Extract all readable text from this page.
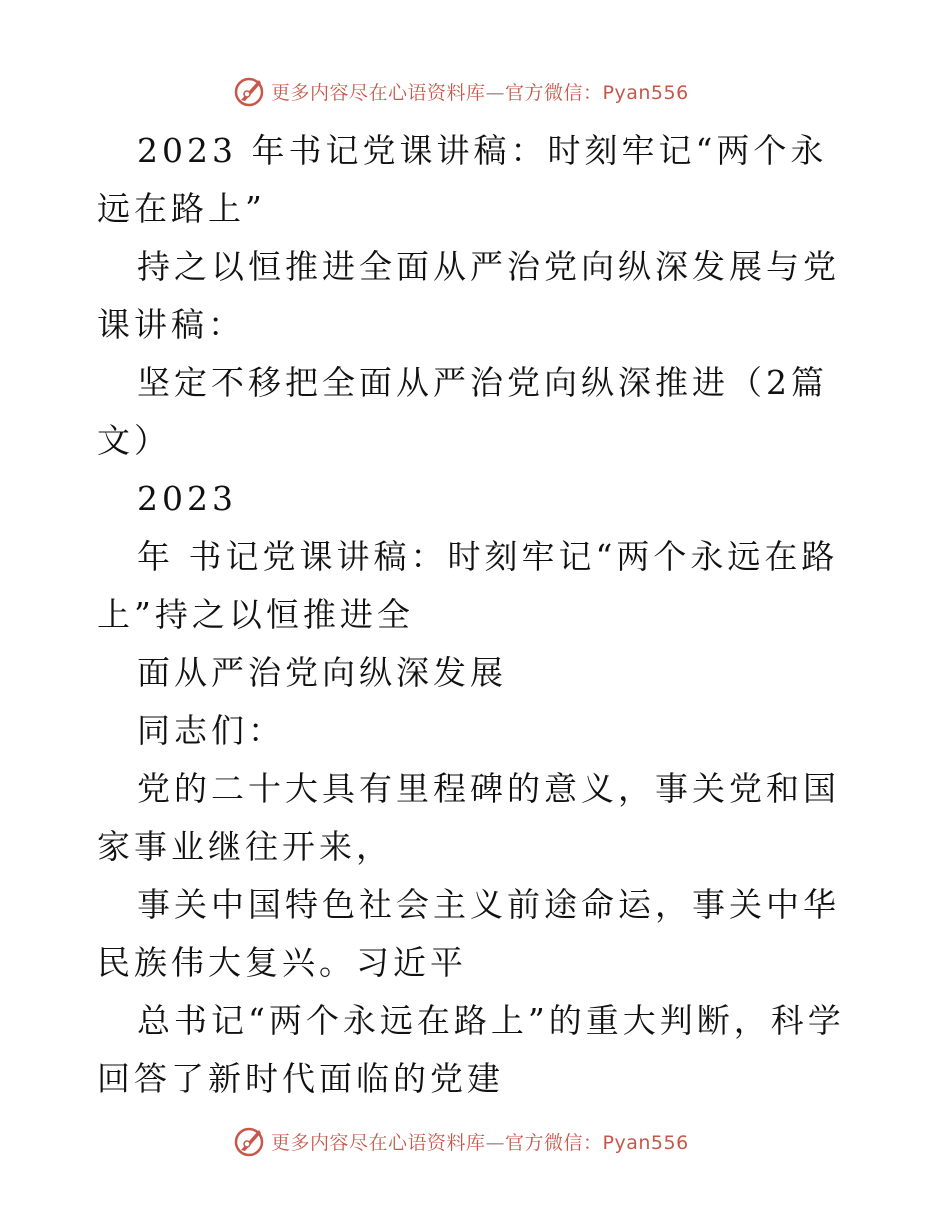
更多内容尽在心语资料库—官方微信：Pyan556

2023 年书记党课讲稿：时刻牢记“两个永远在路上”

持之以恒推进全面从严治党向纵深发展与党课讲稿：

坚定不移把全面从严治党向纵深推进（2篇文）

2023

年 书记党课讲稿：时刻牢记“两个永远在路

上”持之以恒推进全

面从严治党向纵深发展

同志们：

党的二十大具有里程碑的意义，事关党和国家事业继往开来，

事关中国特色社会主义前途命运，事关中华民族伟大复兴。习近平

总书记“两个永远在路上”的重大判断，科学回答了新时代面临的党建

更多内容尽在心语资料库—官方微信：Pyan556
